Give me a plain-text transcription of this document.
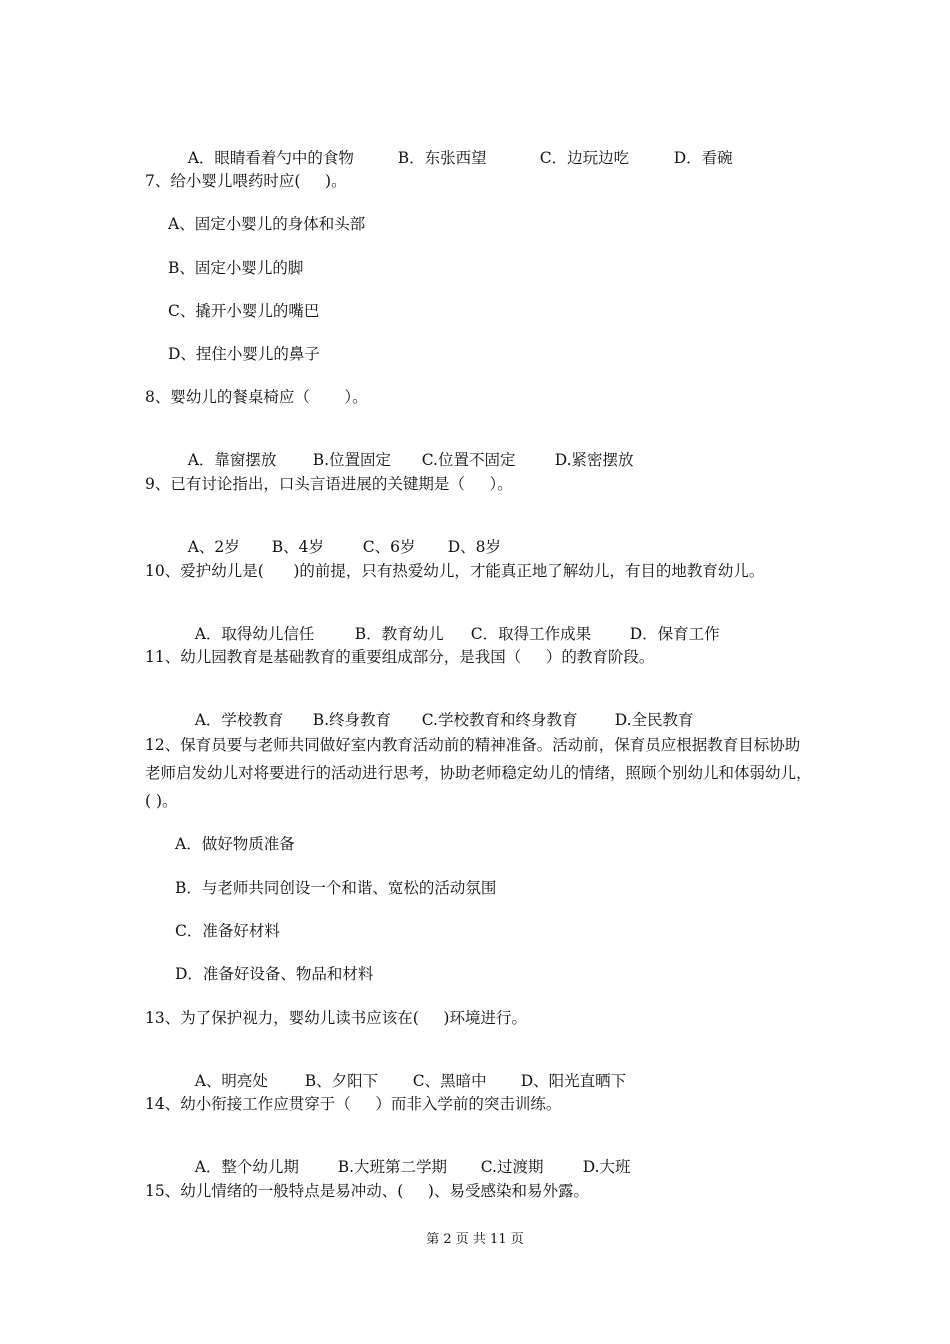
A．眼睛看着勺中的食物	B．东张西望	C．边玩边吃	D．看碗

7、给小婴儿喂药时应(     )。
A、固定小婴儿的身体和头部
B、固定小婴儿的脚
C、撬开小婴儿的嘴巴
D、捏住小婴儿的鼻子
8、婴幼儿的餐桌椅应（       ）。

A．靠窗摆放 B.位置固定 C.位置不固定	D.紧密摆放

9、已有讨论指出，口头言语进展的关键期是（     ）。

A、2岁 B、4岁 C、6岁 D、8岁

10、爱护幼儿是(      )的前提，只有热爱幼儿，才能真正地了解幼儿，有目的地教育幼儿。

A．取得幼儿信任	B．教育幼儿 C．取得工作成果 D．保育工作

11、幼儿园教育是基础教育的重要组成部分，是我国（     ）的教育阶段。

A．学校教育 B.终身教育 C.学校教育和终身教育 D.全民教育

12、保育员要与老师共同做好室内教育活动前的精神准备。活动前，保育员应根据教育目标协助老师启发幼儿对将要进行的活动进行思考，协助老师稳定幼儿的情绪，照顾个别幼儿和体弱幼儿，( )。
A．做好物质准备
B．与老师共同创设一个和谐、宽松的活动氛围
C．准备好材料
D．准备好设备、物品和材料
13、为了保护视力，婴幼儿读书应该在(     )环境进行。

A、明亮处 B、夕阳下 C、黑暗中 D、阳光直晒下

14、幼小衔接工作应贯穿于（     ）而非入学前的突击训练。

A．整个幼儿期	B.大班第二学期 C.过渡期	D.大班

15、幼儿情绪的一般特点是易冲动、(     )、易受感染和易外露。
第 2 页 共 11 页
